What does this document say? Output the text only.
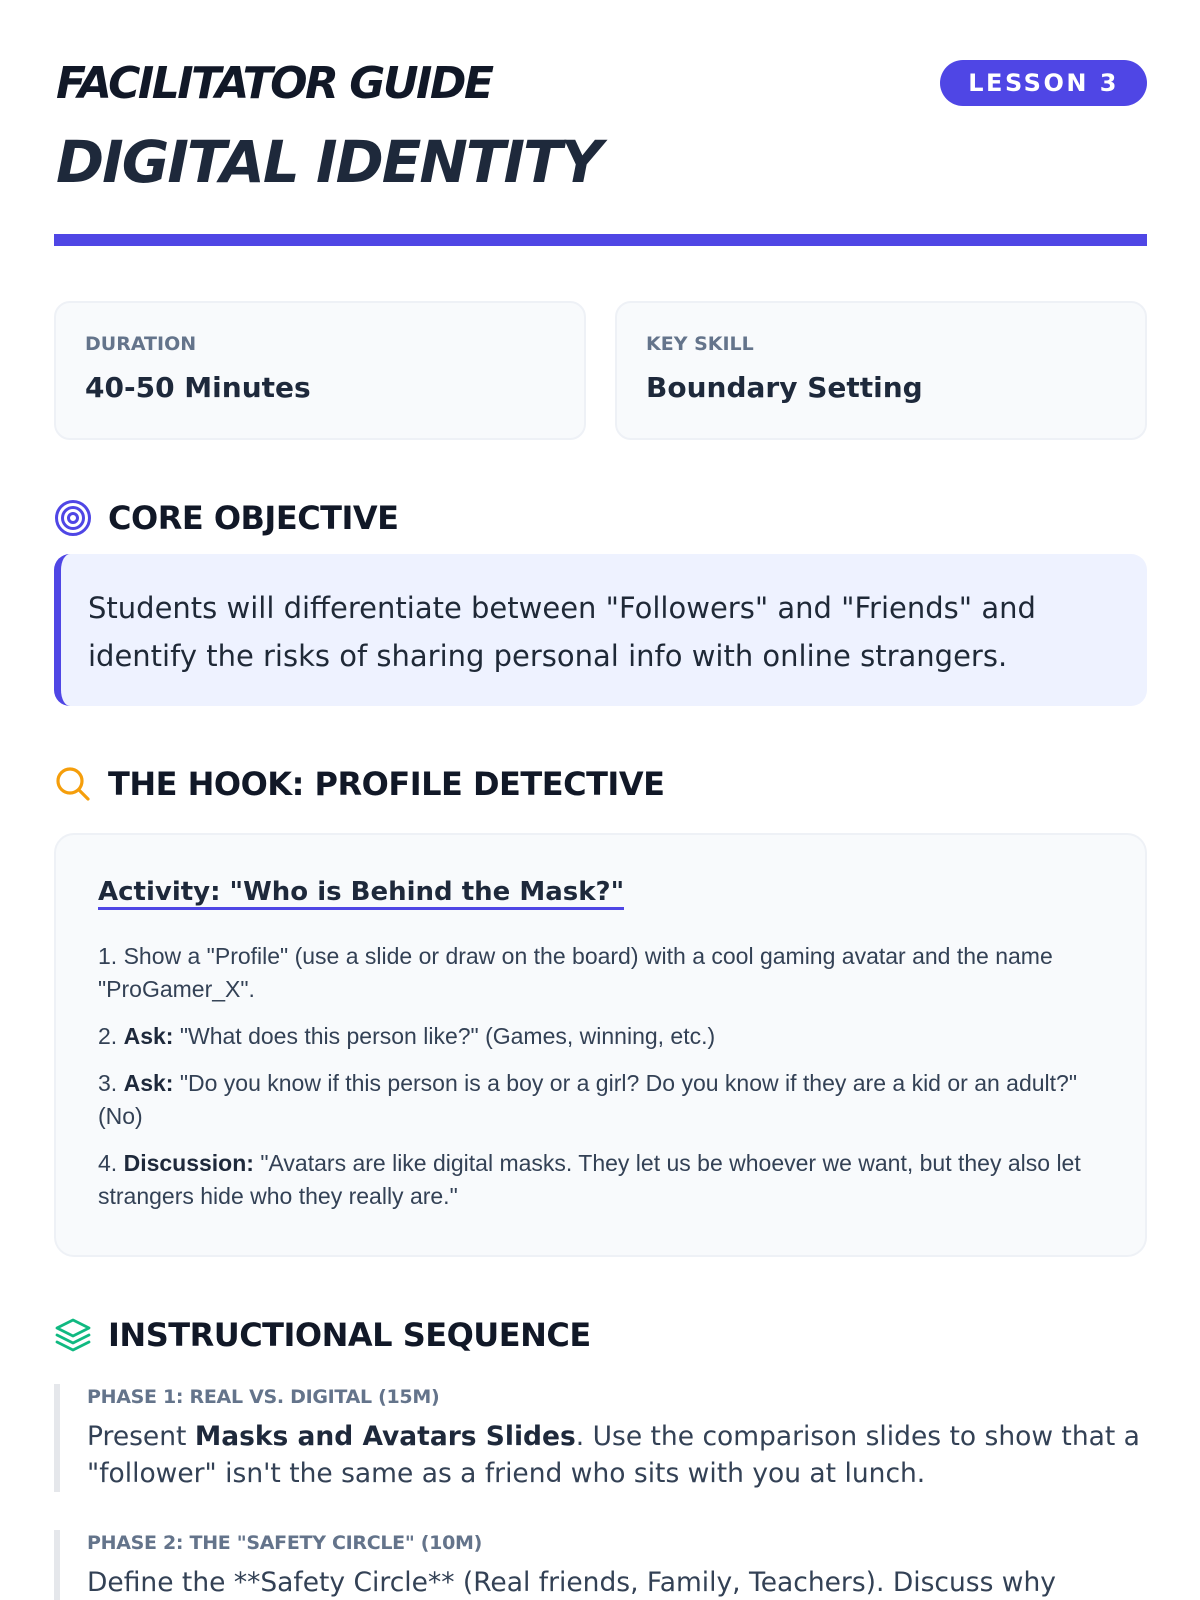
FACILITATOR GUIDE
DIGITAL IDENTITY
LESSON 3
DURATION
40-50 Minutes
KEY SKILL
Boundary Setting
CORE OBJECTIVE

Students will differentiate between "Followers" and "Friends" and identify the risks of sharing personal info with online strangers.

THE HOOK: PROFILE DETECTIVE
Activity: "Who is Behind the Mask?"

1. Show a "Profile" (use a slide or draw on the board) with a cool gaming avatar and the name "ProGamer_X".

2. Ask: "What does this person like?" (Games, winning, etc.)

3. Ask: "Do you know if this person is a boy or a girl? Do you know if they are a kid or an adult?" (No)

4. Discussion: "Avatars are like digital masks. They let us be whoever we want, but they also let strangers hide who they really are."

INSTRUCTIONAL SEQUENCE
PHASE 1: REAL VS. DIGITAL (15M)

Present Masks and Avatars Slides. Use the comparison slides to show that a "follower" isn't the same as a friend who sits with you at lunch.

PHASE 2: THE "SAFETY CIRCLE" (10M)

Define the **Safety Circle** (Real friends, Family, Teachers). Discuss why
